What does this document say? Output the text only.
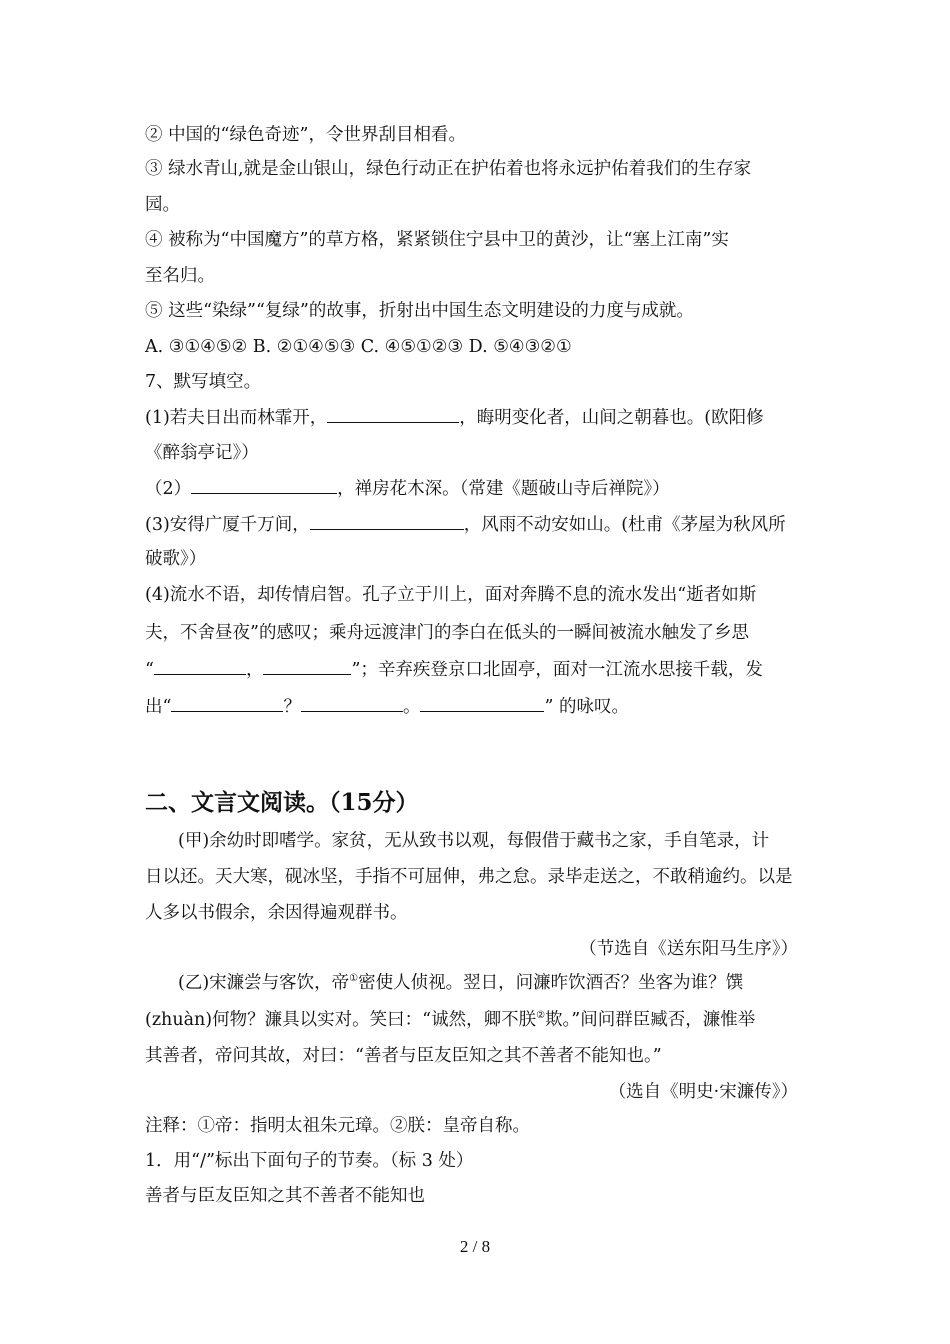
② 中国的“绿色奇迹”，令世界刮目相看。
③ 绿水青山,就是金山银山，绿色行动正在护佑着也将永远护佑着我们的生存家
园。
④ 被称为“中国魔方”的草方格，紧紧锁住宁县中卫的黄沙，让“塞上江南”实
至名归。
⑤ 这些“染绿”“复绿”的故事，折射出中国生态文明建设的力度与成就。
A. ③①④⑤② B. ②①④⑤③ C. ④⑤①②③ D. ⑤④③②①
7、默写填空。
(1)若夫日出而林霏开，	，晦明变化者，山间之朝暮也。(欧阳修
《醉翁亭记》）
（2）	，禅房花木深。（常建《题破山寺后禅院》）
(3)安得广厦千万间，	，风雨不动安如山。(杜甫《茅屋为秋风所
破歌》）
(4)流水不语，却传情启智。孔子立于川上，面对奔腾不息的流水发出“逝者如斯
夫，不舍昼夜”的感叹；乘舟远渡津门的李白在低头的一瞬间被流水触发了乡思
“	，	”；辛弃疾登京口北固亭，面对一江流水思接千载，发
出“	？	。	” 的咏叹。
二、文言文阅读。（15分）
(甲)余幼时即嗜学。家贫，无从致书以观，每假借于藏书之家，手自笔录，计
日以还。天大寒，砚冰坚，手指不可屈伸，弗之怠。录毕走送之，不敢稍逾约。以是
人多以书假余，余因得遍观群书。
（节选自《送东阳马生序》）
(乙)宋濂尝与客饮，帝①密使人侦视。翌日，问濂昨饮酒否？坐客为谁？馔
(zhuàn)何物？濂具以实对。笑曰：“诚然，卿不朕②欺。”间问群臣臧否，濂惟举
其善者，帝问其故，对曰：“善者与臣友臣知之其不善者不能知也。”
（选自《明史·宋濂传》）
注释：①帝：指明太祖朱元璋。②朕：皇帝自称。
1．用“/”标出下面句子的节奏。（标 3 处）
善者与臣友臣知之其不善者不能知也
2 / 8
